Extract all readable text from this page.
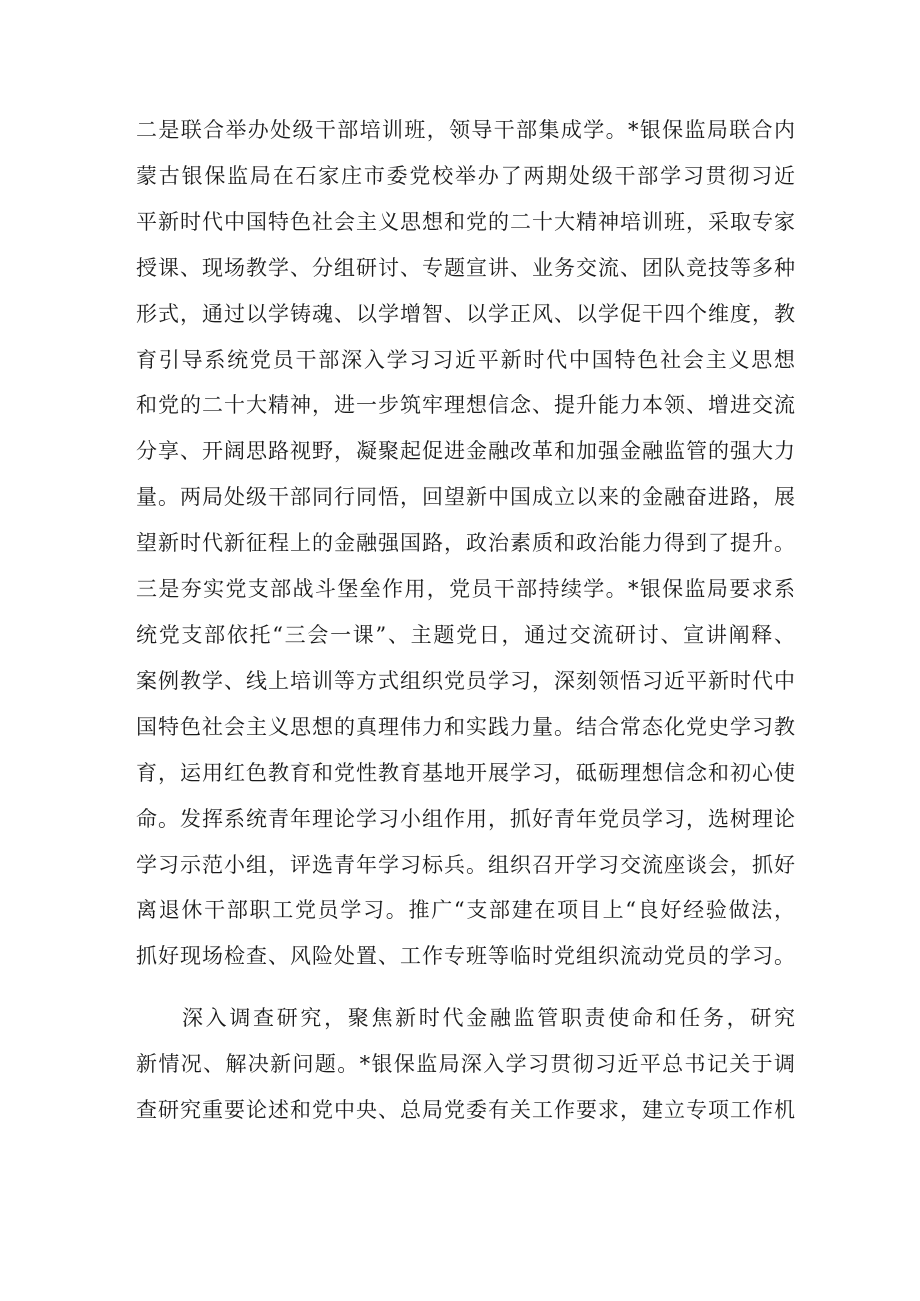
二是联合举办处级干部培训班，领导干部集成学。*银保监局联合内
蒙古银保监局在石家庄市委党校举办了两期处级干部学习贯彻习近
平新时代中国特色社会主义思想和党的二十大精神培训班，采取专家
授课、现场教学、分组研讨、专题宣讲、业务交流、团队竞技等多种
形式，通过以学铸魂、以学增智、以学正风、以学促干四个维度，教
育引导系统党员干部深入学习习近平新时代中国特色社会主义思想
和党的二十大精神，进一步筑牢理想信念、提升能力本领、增进交流
分享、开阔思路视野，凝聚起促进金融改革和加强金融监管的强大力
量。两局处级干部同行同悟，回望新中国成立以来的金融奋进路，展
望新时代新征程上的金融强国路，政治素质和政治能力得到了提升。

三是夯实党支部战斗堡垒作用，党员干部持续学。*银保监局要求系
统党支部依托“三会一课”、主题党日，通过交流研讨、宣讲阐释、
案例教学、线上培训等方式组织党员学习，深刻领悟习近平新时代中
国特色社会主义思想的真理伟力和实践力量。结合常态化党史学习教
育，运用红色教育和党性教育基地开展学习，砥砺理想信念和初心使
命。发挥系统青年理论学习小组作用，抓好青年党员学习，选树理论
学习示范小组，评选青年学习标兵。组织召开学习交流座谈会，抓好
离退休干部职工党员学习。推广“支部建在项目上“良好经验做法，
抓好现场检查、风险处置、工作专班等临时党组织流动党员的学习。

深入调查研究，聚焦新时代金融监管职责使命和任务，研究
新情况、解决新问题。*银保监局深入学习贯彻习近平总书记关于调
查研究重要论述和党中央、总局党委有关工作要求，建立专项工作机
